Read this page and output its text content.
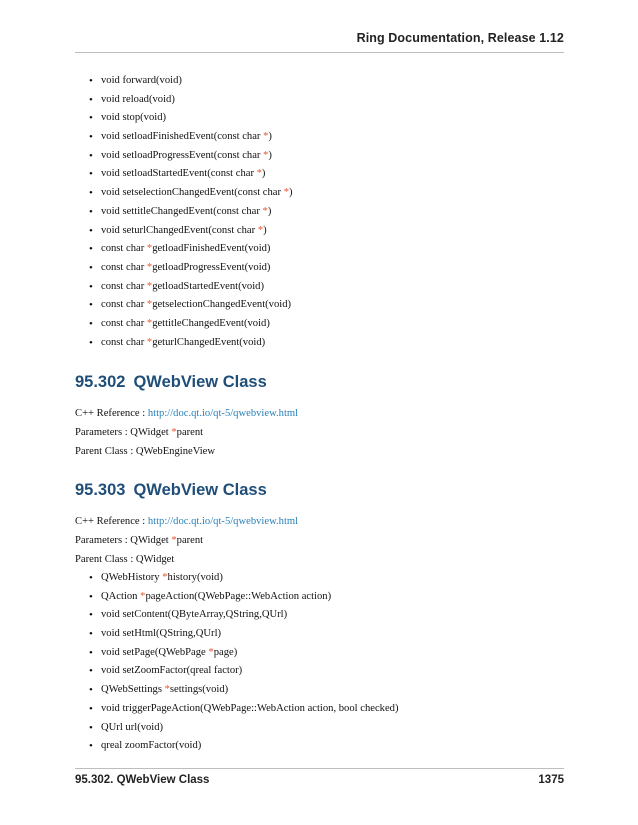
Ring Documentation, Release 1.12
• void forward(void)
• void reload(void)
• void stop(void)
• void setloadFinishedEvent(const char *)
• void setloadProgressEvent(const char *)
• void setloadStartedEvent(const char *)
• void setselectionChangedEvent(const char *)
• void settitleChangedEvent(const char *)
• void seturlChangedEvent(const char *)
• const char *getloadFinishedEvent(void)
• const char *getloadProgressEvent(void)
• const char *getloadStartedEvent(void)
• const char *getselectionChangedEvent(void)
• const char *gettitleChangedEvent(void)
• const char *geturlChangedEvent(void)
95.302 QWebView Class

C++ Reference : http://doc.qt.io/qt-5/qwebview.html

Parameters : QWidget *parent

Parent Class : QWebEngineView

95.303 QWebView Class

C++ Reference : http://doc.qt.io/qt-5/qwebview.html

Parameters : QWidget *parent

Parent Class : QWidget

• QWebHistory *history(void)
• QAction *pageAction(QWebPage::WebAction action)
• void setContent(QByteArray,QString,QUrl)
• void setHtml(QString,QUrl)
• void setPage(QWebPage *page)
• void setZoomFactor(qreal factor)
• QWebSettings *settings(void)
• void triggerPageAction(QWebPage::WebAction action, bool checked)
• QUrl url(void)
• qreal zoomFactor(void)
95.302. QWebView Class	1375
